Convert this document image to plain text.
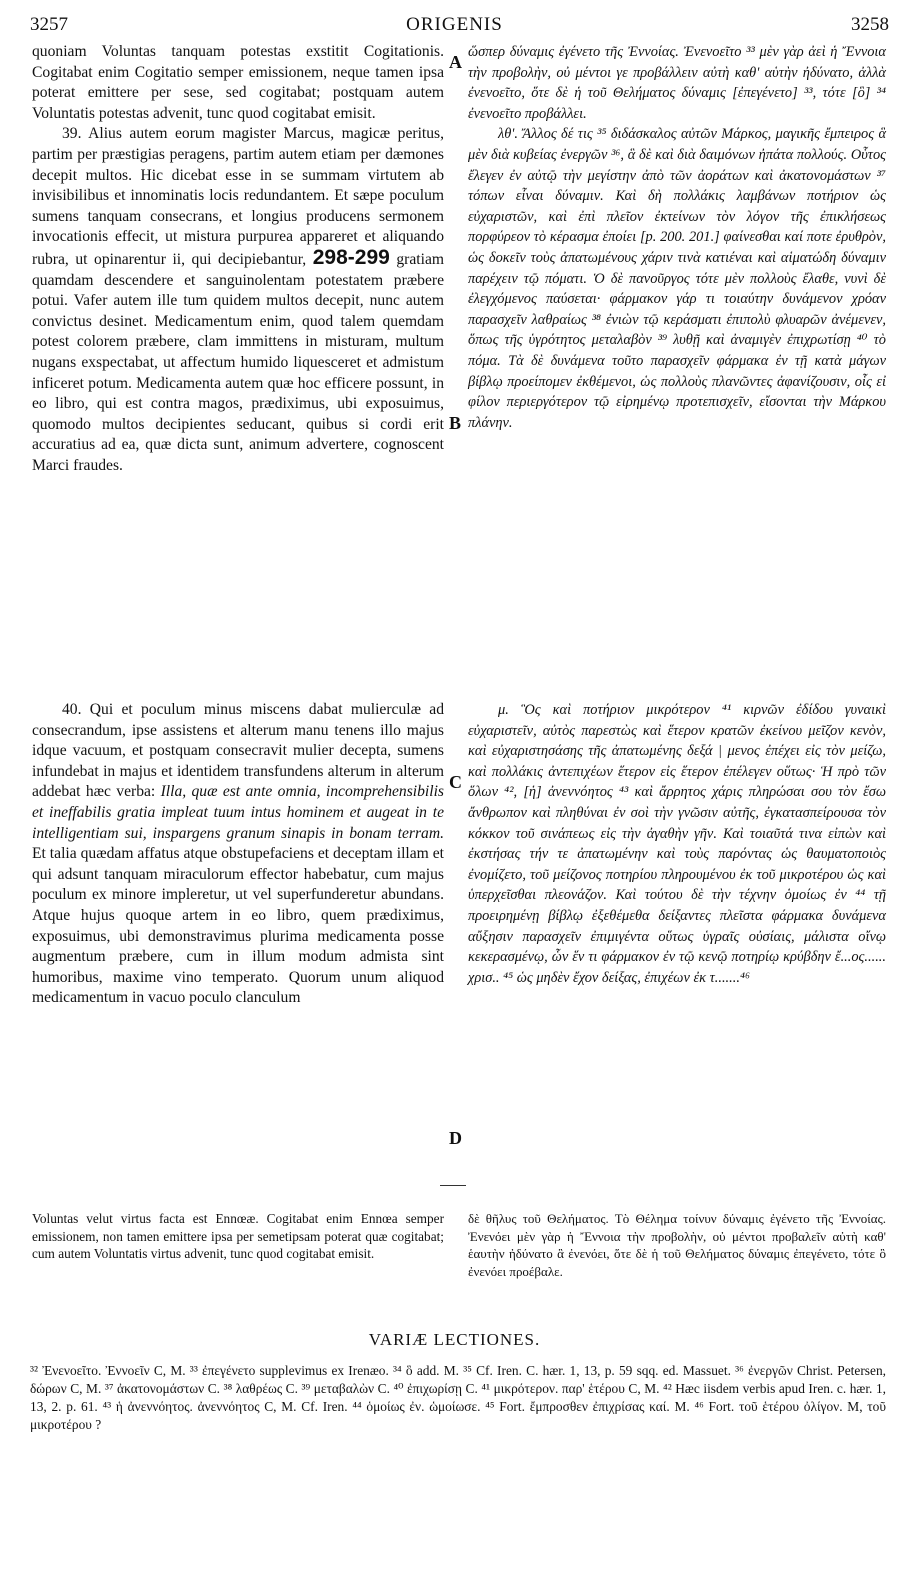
3257	ORIGENIS	3258

quoniam Voluntas tanquam potestas exstitit Cogitationis. Cogitabat enim Cogitatio semper emissionem, neque tamen ipsa poterat emittere per sese, sed cogitabat; postquam autem Voluntatis potestas advenit, tunc quod cogitabat emisit.

39. Alius autem eorum magister Marcus, magicæ peritus, partim per præstigias peragens, partim autem etiam per dæmones decepit multos. Hic dicebat esse in se summam virtutem ab invisibilibus et innominatis locis redundantem. Et sæpe poculum sumens tanquam consecrans, et longius producens sermonem invocationis effecit, ut mistura purpurea appareret et aliquando rubra, ut opinarentur ii, qui decipiebantur, 298-299 gratiam quamdam descendere et sanguinolentam potestatem præbere potui. Vafer autem ille tum quidem multos decepit, nunc autem convictus desinet. Medicamentum enim, quod talem quemdam potest colorem præbere, clam immittens in misturam, multum nugans exspectabat, ut affectum humido liquesceret et admistum inficeret potum. Medicamenta autem quæ hoc efficere possunt, in eo libro, qui est contra magos, prædiximus, ubi exposuimus, quomodo multos decipientes seducant, quibus si cordi erit accuratius ad ea, quæ dicta sunt, animum advertere, cognoscent Marci fraudes.

A
B

ὥσπερ δύναμις ἐγένετο τῆς Ἐννοίας. Ἐνενοεῖτο ³³ μὲν γὰρ ἀεὶ ἡ Ἔννοια τὴν προβολὴν, οὐ μέντοι γε προβάλλειν αὐτὴ καθ' αὑτὴν ἠδύνατο, ἀλλὰ ἐνενοεῖτο, ὅτε δὲ ἡ τοῦ Θελήματος δύναμις [ἐπεγένετο] ³³, τότε [ὃ] ³⁴ ἐνενοεῖτο προβάλλει.

λθ'. Ἄλλος δέ τις ³⁵ διδάσκαλος αὐτῶν Μάρκος, μαγικῆς ἔμπειρος ἃ μὲν διὰ κυβείας ἐνεργῶν ³⁶, ἃ δὲ καὶ διὰ δαιμόνων ἠπάτα πολλούς. Οὗτος ἔλεγεν ἐν αὐτῷ τὴν μεγίστην ἀπὸ τῶν ἀοράτων καὶ ἀκατονομάστων ³⁷ τόπων εἶναι δύναμιν. Καὶ δὴ πολλάκις λαμβάνων ποτήριον ὡς εὐχαριστῶν, καὶ ἐπὶ πλεῖον ἐκτείνων τὸν λόγον τῆς ἐπικλήσεως πορφύρεον τὸ κέρασμα ἐποίει [p. 200. 201.] φαίνεσθαι καί ποτε ἐρυθρὸν, ὡς δοκεῖν τοὺς ἀπατωμένους χάριν τινὰ κατιέναι καὶ αἱματώδη δύναμιν παρέχειν τῷ πόματι. Ὁ δὲ πανοῦργος τότε μὲν πολλοὺς ἔλαθε, νυνὶ δὲ ἐλεγχόμενος παύσεται· φάρμακον γάρ τι τοιαύτην δυνάμενον χρόαν παρασχεῖν λαθραίως ³⁸ ἐνιὼν τῷ κεράσματι ἐπιπολὺ φλυαρῶν ἀνέμενεν, ὅπως τῆς ὑγρότητος μεταλαβὸν ³⁹ λυθῇ καὶ ἀναμιγὲν ἐπιχρωτίσῃ ⁴⁰ τὸ πόμα. Τὰ δὲ δυνάμενα τοῦτο παρασχεῖν φάρμακα ἐν τῇ κατὰ μάγων βίβλῳ προείπομεν ἐκθέμενοι, ὡς πολλοὺς πλανῶντες ἀφανίζουσιν, οἷς εἰ φίλον περιεργότερον τῷ εἰρημένῳ προτεπισχεῖν, εἴσονται τὴν Μάρκου πλάνην.

40. Qui et poculum minus miscens dabat mulierculæ ad consecrandum, ipse assistens et alterum manu tenens illo majus idque vacuum, et postquam consecravit mulier decepta, sumens infundebat in majus et identidem transfundens alterum in alterum addebat hæc verba: Illa, quæ est ante omnia, incomprehensibilis et ineffabilis gratia impleat tuum intus hominem et augeat in te intelligentiam sui, inspargens granum sinapis in bonam terram. Et talia quædam affatus atque obstupefaciens et deceptam illam et qui adsunt tanquam miraculorum effector habebatur, cum majus poculum ex minore impleretur, ut vel superfunderetur abundans. Atque hujus quoque artem in eo libro, quem prædiximus, exposuimus, ubi demonstravimus plurima medicamenta posse augmentum præbere, cum in illum modum admista sint humoribus, maxime vino temperato. Quorum unum aliquod medicamentum in vacuo poculo clanculum

C
D

μ. Ὃς καὶ ποτήριον μικρότερον ⁴¹ κιρνῶν ἐδίδου γυναικὶ εὐχαριστεῖν, αὐτὸς παρεστὼς καὶ ἕτερον κρατῶν ἐκείνου μεῖζον κενὸν, καὶ εὐχαριστησάσης τῆς ἀπατωμένης δεξά | μενος ἐπέχει εἰς τὸν μείζω, καὶ πολλάκις ἀντεπιχέων ἕτερον εἰς ἕτερον ἐπέλεγεν οὕτως· Ἡ πρὸ τῶν ὅλων ⁴², [ἡ] ἀνεννόητος ⁴³ καὶ ἄρρητος χάρις πληρώσαι σου τὸν ἔσω ἄνθρωπον καὶ πληθύναι ἐν σοὶ τὴν γνῶσιν αὐτῆς, ἐγκατασπείρουσα τὸν κόκκον τοῦ σινάπεως εἰς τὴν ἀγαθὴν γῆν. Καὶ τοιαῦτά τινα εἰπὼν καὶ ἐκστήσας τήν τε ἀπατωμένην καὶ τοὺς παρόντας ὡς θαυματοποιὸς ἐνομίζετο, τοῦ μείζονος ποτηρίου πληρουμένου ἐκ τοῦ μικροτέρου ὡς καὶ ὑπερχεῖσθαι πλεονάζον. Καὶ τούτου δὲ τὴν τέχνην ὁμοίως ἐν ⁴⁴ τῇ προειρημένῃ βίβλῳ ἐξεθέμεθα δείξαντες πλεῖστα φάρμακα δυνάμενα αὔξησιν παρασχεῖν ἐπιμιγέντα οὕτως ὑγραῖς οὐσίαις, μάλιστα οἴνῳ κεκερασμένῳ, ὧν ἕν τι φάρμακον ἐν τῷ κενῷ ποτηρίῳ κρύβδην ἔ...ος...... χρισ.. ⁴⁵ ὡς μηδὲν ἔχον δείξας, ἐπιχέων ἐκ τ.......⁴⁶

Voluntas velut virtus facta est Ennœæ. Cogitabat enim Ennœa semper emissionem, non tamen emittere ipsa per semetipsam poterat quæ cogitabat; cum autem Voluntatis virtus advenit, tunc quod cogitabat emisit.

δὲ θῆλυς τοῦ Θελήματος. Τὸ Θέλημα τοίνυν δύναμις ἐγένετο τῆς Ἐννοίας. Ἐνενόει μὲν γὰρ ἡ Ἔννοια τὴν προβολὴν, οὐ μέντοι προβαλεῖν αὐτὴ καθ' ἑαυτὴν ἠδύνατο ἃ ἐνενόει, ὅτε δὲ ἡ τοῦ Θελήματος δύναμις ἐπεγένετο, τότε ὃ ἐνενόει προέβαλε.

VARIÆ LECTIONES.

³² Ἐνενοεῖτο. Ἐννοεῖν C, M. ³³ ἐπεγένετο supplevimus ex Irenæo. ³⁴ ὃ add. M. ³⁵ Cf. Iren. C. hær. 1, 13, p. 59 sqq. ed. Massuet. ³⁶ ἐνεργῶν Christ. Petersen, δώρων C, M. ³⁷ ἀκατονομάστων C. ³⁸ λαθρέως C. ³⁹ μεταβαλὼν C. ⁴⁰ ἐπιχωρίσῃ C. ⁴¹ μικρότερον. παρ' ἑτέρου C, M. ⁴² Hæc iisdem verbis apud Iren. c. hær. 1, 13, 2. p. 61. ⁴³ ἡ ἀνεννόητος. ἀνεννόητος C, M. Cf. Iren. ⁴⁴ ὁμοίως ἐν. ὡμοίωσε. ⁴⁵ Fort. ἔμπροσθεν ἐπιχρίσας καί. M. ⁴⁶ Fort. τοῦ ἑτέρου ὀλίγον. M, τοῦ μικροτέρου ?
